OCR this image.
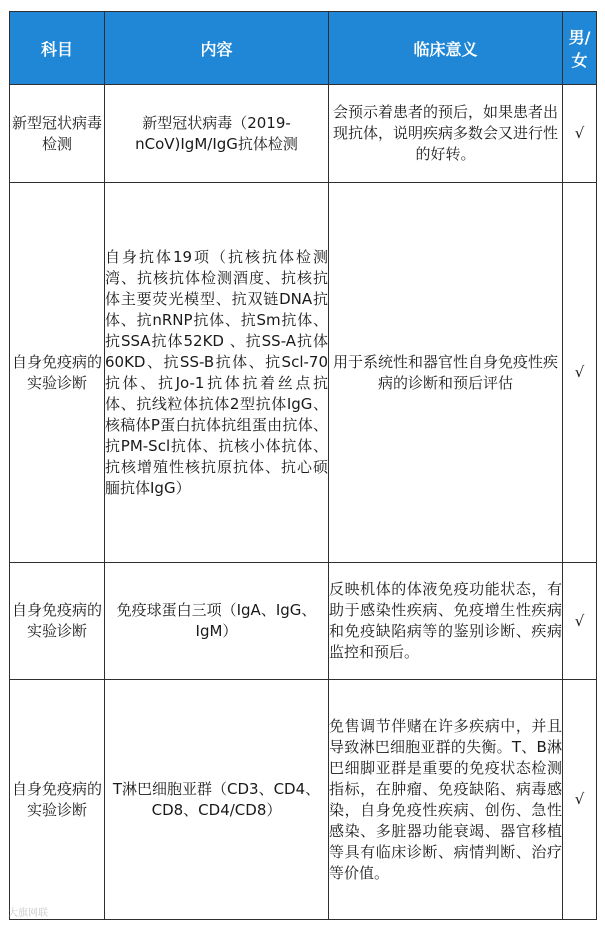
科目	内容	临床意义	男/女
新型冠状病毒检测	新型冠状病毒（2019-nCoV)IgM/IgG抗体检测	会预示着患者的预后，如果患者出现抗体，说明疾病多数会又进行性的好转。	√
自身免疫病的实验诊断	自身抗体19项（抗核抗体检测湾、抗核抗体检测酒度、抗核抗体主要荧光模型、抗双链DNA抗体、抗nRNP抗体、抗Sm抗体、抗SSA抗体52KD 、抗SS-A抗体60KD、抗SS-B抗体、抗Scl-70抗体、抗Jo-1抗体抗着丝点抗体、抗线粒体抗体2型抗体IgG、核稿体P蛋白抗体抗组蛋由抗体、抗PM-Scl抗体、抗核小体抗体、抗核增殖性核抗原抗体、抗心硕腼抗体IgG）	用于系统性和器官性自身免疫性疾病的诊断和预后评估	√
自身免疫病的实验诊断	免疫球蛋白三项（IgA、IgG、IgM）	反映机体的体液免疫功能状态，有助于感染性疾病、免疫增生性疾病和免疫缺陷病等的鉴别诊断、疾病监控和预后。	√
自身免疫病的实验诊断	T淋巴细胞亚群（CD3、CD4、CD8、CD4/CD8）	免售调节伴赌在许多疾病中，并且导致淋巴细胞亚群的失衡。T、B淋巴细脚亚群是重要的免疫状态检测指标，在肿瘤、免疫缺陷、病毒感染，自身免疫性疾病、创伤、急性感染、多脏器功能衰竭、器官移植等具有临床诊断、病情判断、治疗等价值。	√
大旗网联
